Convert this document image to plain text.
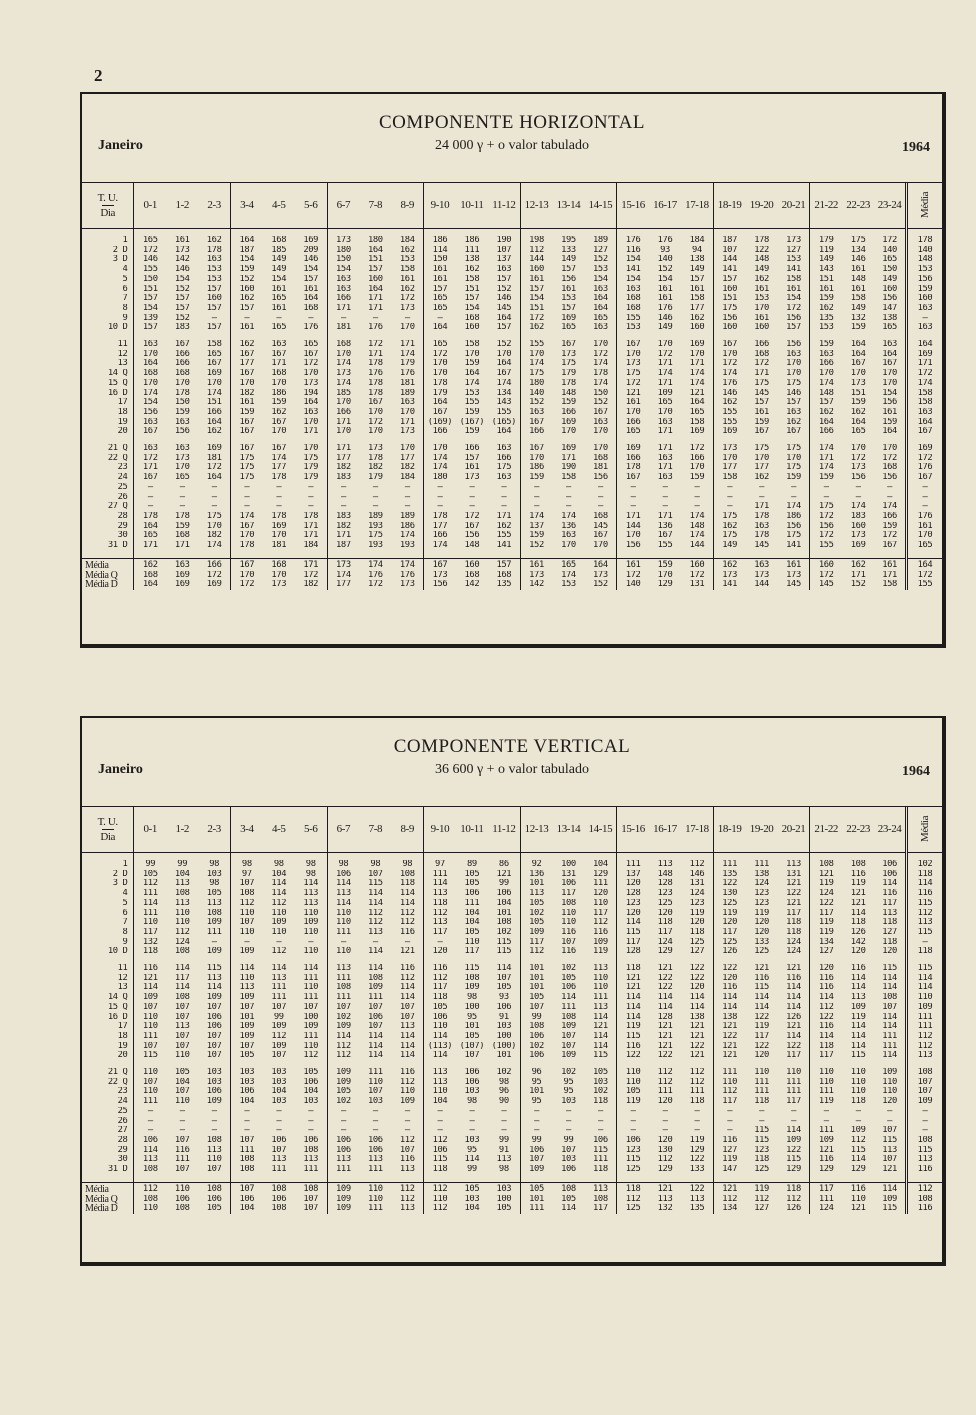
2
COMPONENTE HORIZONTAL
Janeiro	24 000 γ + o valor tabulado	1964
T. U.
Dia	0-1	1-2	2-3	3-4	4-5	5-6	6-7	7-8	8-9	9-10	10-11	11-12	12-13	13-14	14-15	15-16	16-17	17-18	18-19	19-20	20-21	21-22	22-23	23-24	Média

1	165	161	162	164	168	169	173	180	184	186	186	190	198	195	189	176	176	184	187	178	173	179	175	172	178
2 D	172	173	178	187	185	209	180	164	162	114	111	107	112	133	127	116	93	94	107	122	127	119	134	140	140
3 D	146	142	163	154	149	146	150	151	153	150	138	137	144	149	152	154	140	138	144	148	153	149	146	165	148
4	155	146	153	159	149	154	154	157	158	161	162	163	160	157	153	141	152	149	141	149	141	143	161	150	153
5	150	154	153	152	154	157	163	160	161	161	158	157	161	156	154	154	154	157	157	162	158	151	148	149	156
6	151	152	157	160	161	161	163	164	162	157	151	152	157	161	163	163	161	161	160	161	161	161	161	160	159
7	157	157	160	162	165	164	166	171	172	165	157	146	154	153	164	168	161	158	151	153	154	159	158	156	160
8	154	157	157	157	161	168	171	171	173	165	154	145	151	157	164	168	176	177	175	170	172	162	149	147	163
9	139	152	—	—	—	—	—	—	—	—	168	164	172	169	165	155	146	162	156	161	156	135	132	138	—
10 D	157	183	157	161	165	176	181	176	170	164	160	157	162	165	163	153	149	160	160	160	157	153	159	165	163

11	163	167	158	162	163	165	168	172	171	165	158	152	155	167	170	167	170	169	167	166	156	159	164	163	164
12	170	166	165	167	167	167	170	171	174	172	170	170	170	173	172	170	172	170	170	168	163	163	164	164	169
13	164	166	167	177	171	172	174	178	179	170	159	164	174	175	174	173	171	171	172	172	170	166	167	167	171
14 Q	168	168	169	167	168	170	173	176	176	170	164	167	175	179	178	175	174	174	174	171	170	170	170	170	172
15 Q	170	170	170	170	170	173	174	178	181	178	174	174	180	178	174	172	171	174	176	175	175	174	173	170	174
16 D	174	178	174	182	186	194	185	178	189	179	153	134	140	148	150	121	109	121	146	145	146	148	151	154	158
17	154	150	151	161	159	164	170	167	163	164	155	143	152	159	152	161	165	164	162	157	157	157	159	156	158
18	156	159	166	159	162	163	166	170	170	167	159	155	163	166	167	170	170	165	155	161	163	162	162	161	163
19	163	163	164	167	167	170	171	172	171	(169)	(167)	(165)	167	169	163	166	163	158	155	159	162	164	164	159	164
20	167	156	162	167	170	171	170	170	173	166	159	164	166	170	170	165	171	169	169	167	167	166	165	164	167

21 Q	163	163	169	167	167	170	171	173	170	170	166	163	167	169	170	169	171	172	173	175	175	174	170	170	169
22 Q	172	173	181	175	174	175	177	178	177	174	157	166	170	171	168	166	163	166	170	170	170	171	172	172	172
23	171	170	172	175	177	179	182	182	182	174	161	175	186	190	181	178	171	170	177	177	175	174	173	168	176
24	167	165	164	175	178	179	183	179	184	180	173	163	159	158	156	167	163	159	158	162	159	159	156	156	167
25	—	—	—	—	—	—	—	—	—	—	—	—	—	—	—	—	—	—	—	—	—	—	—	—	—
26	—	—	—	—	—	—	—	—	—	—	—	—	—	—	—	—	—	—	—	—	—	—	—	—	—
27 Q	—	—	—	—	—	—	—	—	—	—	—	—	—	—	—	—	—	—	—	171	174	175	174	174	—
28	178	178	175	174	178	178	183	189	189	178	172	171	174	174	168	171	171	174	175	178	186	172	183	166	176
29	164	159	170	167	169	171	182	193	186	177	167	162	137	136	145	144	136	148	162	163	156	156	160	159	161
30	165	168	182	170	170	171	171	175	174	166	156	155	159	163	167	170	167	174	175	178	175	172	173	172	170
31 D	171	171	174	178	181	184	187	193	193	174	148	141	152	170	170	156	155	144	149	145	141	155	169	167	165

Média	162	163	166	167	168	171	173	174	174	167	160	157	161	165	164	161	159	160	162	163	161	160	162	161	164
Média Q	168	169	172	170	170	172	174	176	176	173	168	168	173	174	173	172	170	172	173	173	173	172	171	171	172
Média D	164	169	169	172	173	182	177	172	173	156	142	135	142	153	152	140	129	131	141	144	145	145	152	158	155
COMPONENTE VERTICAL
Janeiro	36 600 γ + o valor tabulado	1964
T. U.
Dia	0-1	1-2	2-3	3-4	4-5	5-6	6-7	7-8	8-9	9-10	10-11	11-12	12-13	13-14	14-15	15-16	16-17	17-18	18-19	19-20	20-21	21-22	22-23	23-24	Média

1	99	99	98	98	98	98	98	98	98	97	89	86	92	100	104	111	113	112	111	111	113	108	108	106	102
2 D	105	104	103	97	104	98	106	107	108	111	105	121	136	131	129	137	148	146	135	138	131	121	116	106	118
3 D	112	113	98	107	114	114	114	115	118	114	105	99	101	106	111	120	128	131	122	124	121	119	119	114	114
4	111	108	105	108	114	113	113	114	114	113	106	106	113	117	120	128	123	124	130	123	122	124	121	116	116
5	114	113	113	112	112	113	114	114	114	118	111	104	105	108	110	123	125	123	125	123	121	122	121	117	115
6	111	110	108	110	110	110	110	112	112	112	104	101	102	110	117	120	120	119	119	119	117	117	114	113	112
7	110	110	109	107	109	109	110	112	112	113	104	108	105	110	112	114	118	120	120	120	118	119	118	118	113
8	117	112	111	110	110	110	111	113	116	117	105	102	109	116	116	115	117	118	117	120	118	119	126	127	115
9	132	124	—	—	—	—	—	—	—	—	110	115	117	107	109	117	124	125	125	133	124	134	142	118	—
10 D	118	108	109	109	112	110	110	114	121	120	117	115	112	116	119	128	129	127	126	125	124	127	120	120	118

11	116	114	115	114	114	114	113	114	116	116	115	114	101	102	113	118	121	122	122	121	121	120	116	115	115
12	121	117	113	110	113	111	111	108	112	112	108	107	101	105	110	121	122	122	120	116	116	116	114	114	114
13	114	114	114	113	111	110	108	109	114	117	109	105	101	106	110	121	122	120	116	115	114	116	114	114	114
14 Q	109	108	109	109	111	111	111	111	114	118	98	93	105	114	111	114	114	114	114	114	114	114	113	108	110
15 Q	107	107	107	107	107	107	107	107	107	105	100	106	107	111	113	114	114	114	114	114	114	112	109	107	109
16 D	110	107	106	101	99	100	102	106	107	106	95	91	99	108	114	114	128	138	138	122	126	122	119	114	111
17	110	113	106	109	109	109	109	107	113	110	101	103	108	109	121	119	121	121	121	119	121	116	114	114	111
18	111	107	107	109	112	111	114	114	114	114	105	100	106	107	114	115	121	121	122	117	114	114	114	111	112
19	107	107	107	107	109	110	112	114	114	(113)	(107)	(100)	102	107	114	116	121	122	121	122	122	118	114	111	112
20	115	110	107	105	107	112	112	114	114	114	107	101	106	109	115	122	122	121	121	120	117	117	115	114	113

21 Q	110	105	103	103	103	105	109	111	116	113	106	102	96	102	105	110	112	112	111	110	110	110	110	109	108
22 Q	107	104	103	103	103	106	109	110	112	113	106	98	95	95	103	110	112	112	110	111	111	110	110	110	107
23	110	107	106	106	104	104	105	107	110	110	103	96	101	95	102	105	111	111	112	111	111	111	110	110	107
24	111	110	109	104	103	103	102	103	109	104	98	90	95	103	118	119	120	118	117	118	117	119	118	120	109
25	—	—	—	—	—	—	—	—	—	—	—	—	—	—	—	—	—	—	—	—	—	—	—	—	—
26	—	—	—	—	—	—	—	—	—	—	—	—	—	—	—	—	—	—	—	—	—	—	—	—	—
27	—	—	—	—	—	—	—	—	—	—	—	—	—	—	—	—	—	—	—	115	114	111	109	107	—
28	106	107	108	107	106	106	106	106	112	112	103	99	99	99	106	106	120	119	116	115	109	109	112	115	108
29	114	116	113	111	107	108	106	106	107	106	95	91	106	107	115	123	130	129	127	123	122	121	115	113	115
30	113	111	110	108	113	113	113	113	116	115	114	113	107	103	111	115	112	122	119	118	115	116	114	107	113
31 D	108	107	107	108	111	111	111	111	113	118	99	98	109	106	118	125	129	133	147	125	129	129	129	121	116

Média	112	110	108	107	108	108	109	110	112	112	105	103	105	108	113	118	121	122	121	119	118	117	116	114	112
Média Q	108	106	106	106	106	107	109	110	112	110	103	100	101	105	108	112	113	113	112	112	112	111	110	109	108
Média D	110	108	105	104	108	107	109	111	113	112	104	105	111	114	117	125	132	135	134	127	126	124	121	115	116
